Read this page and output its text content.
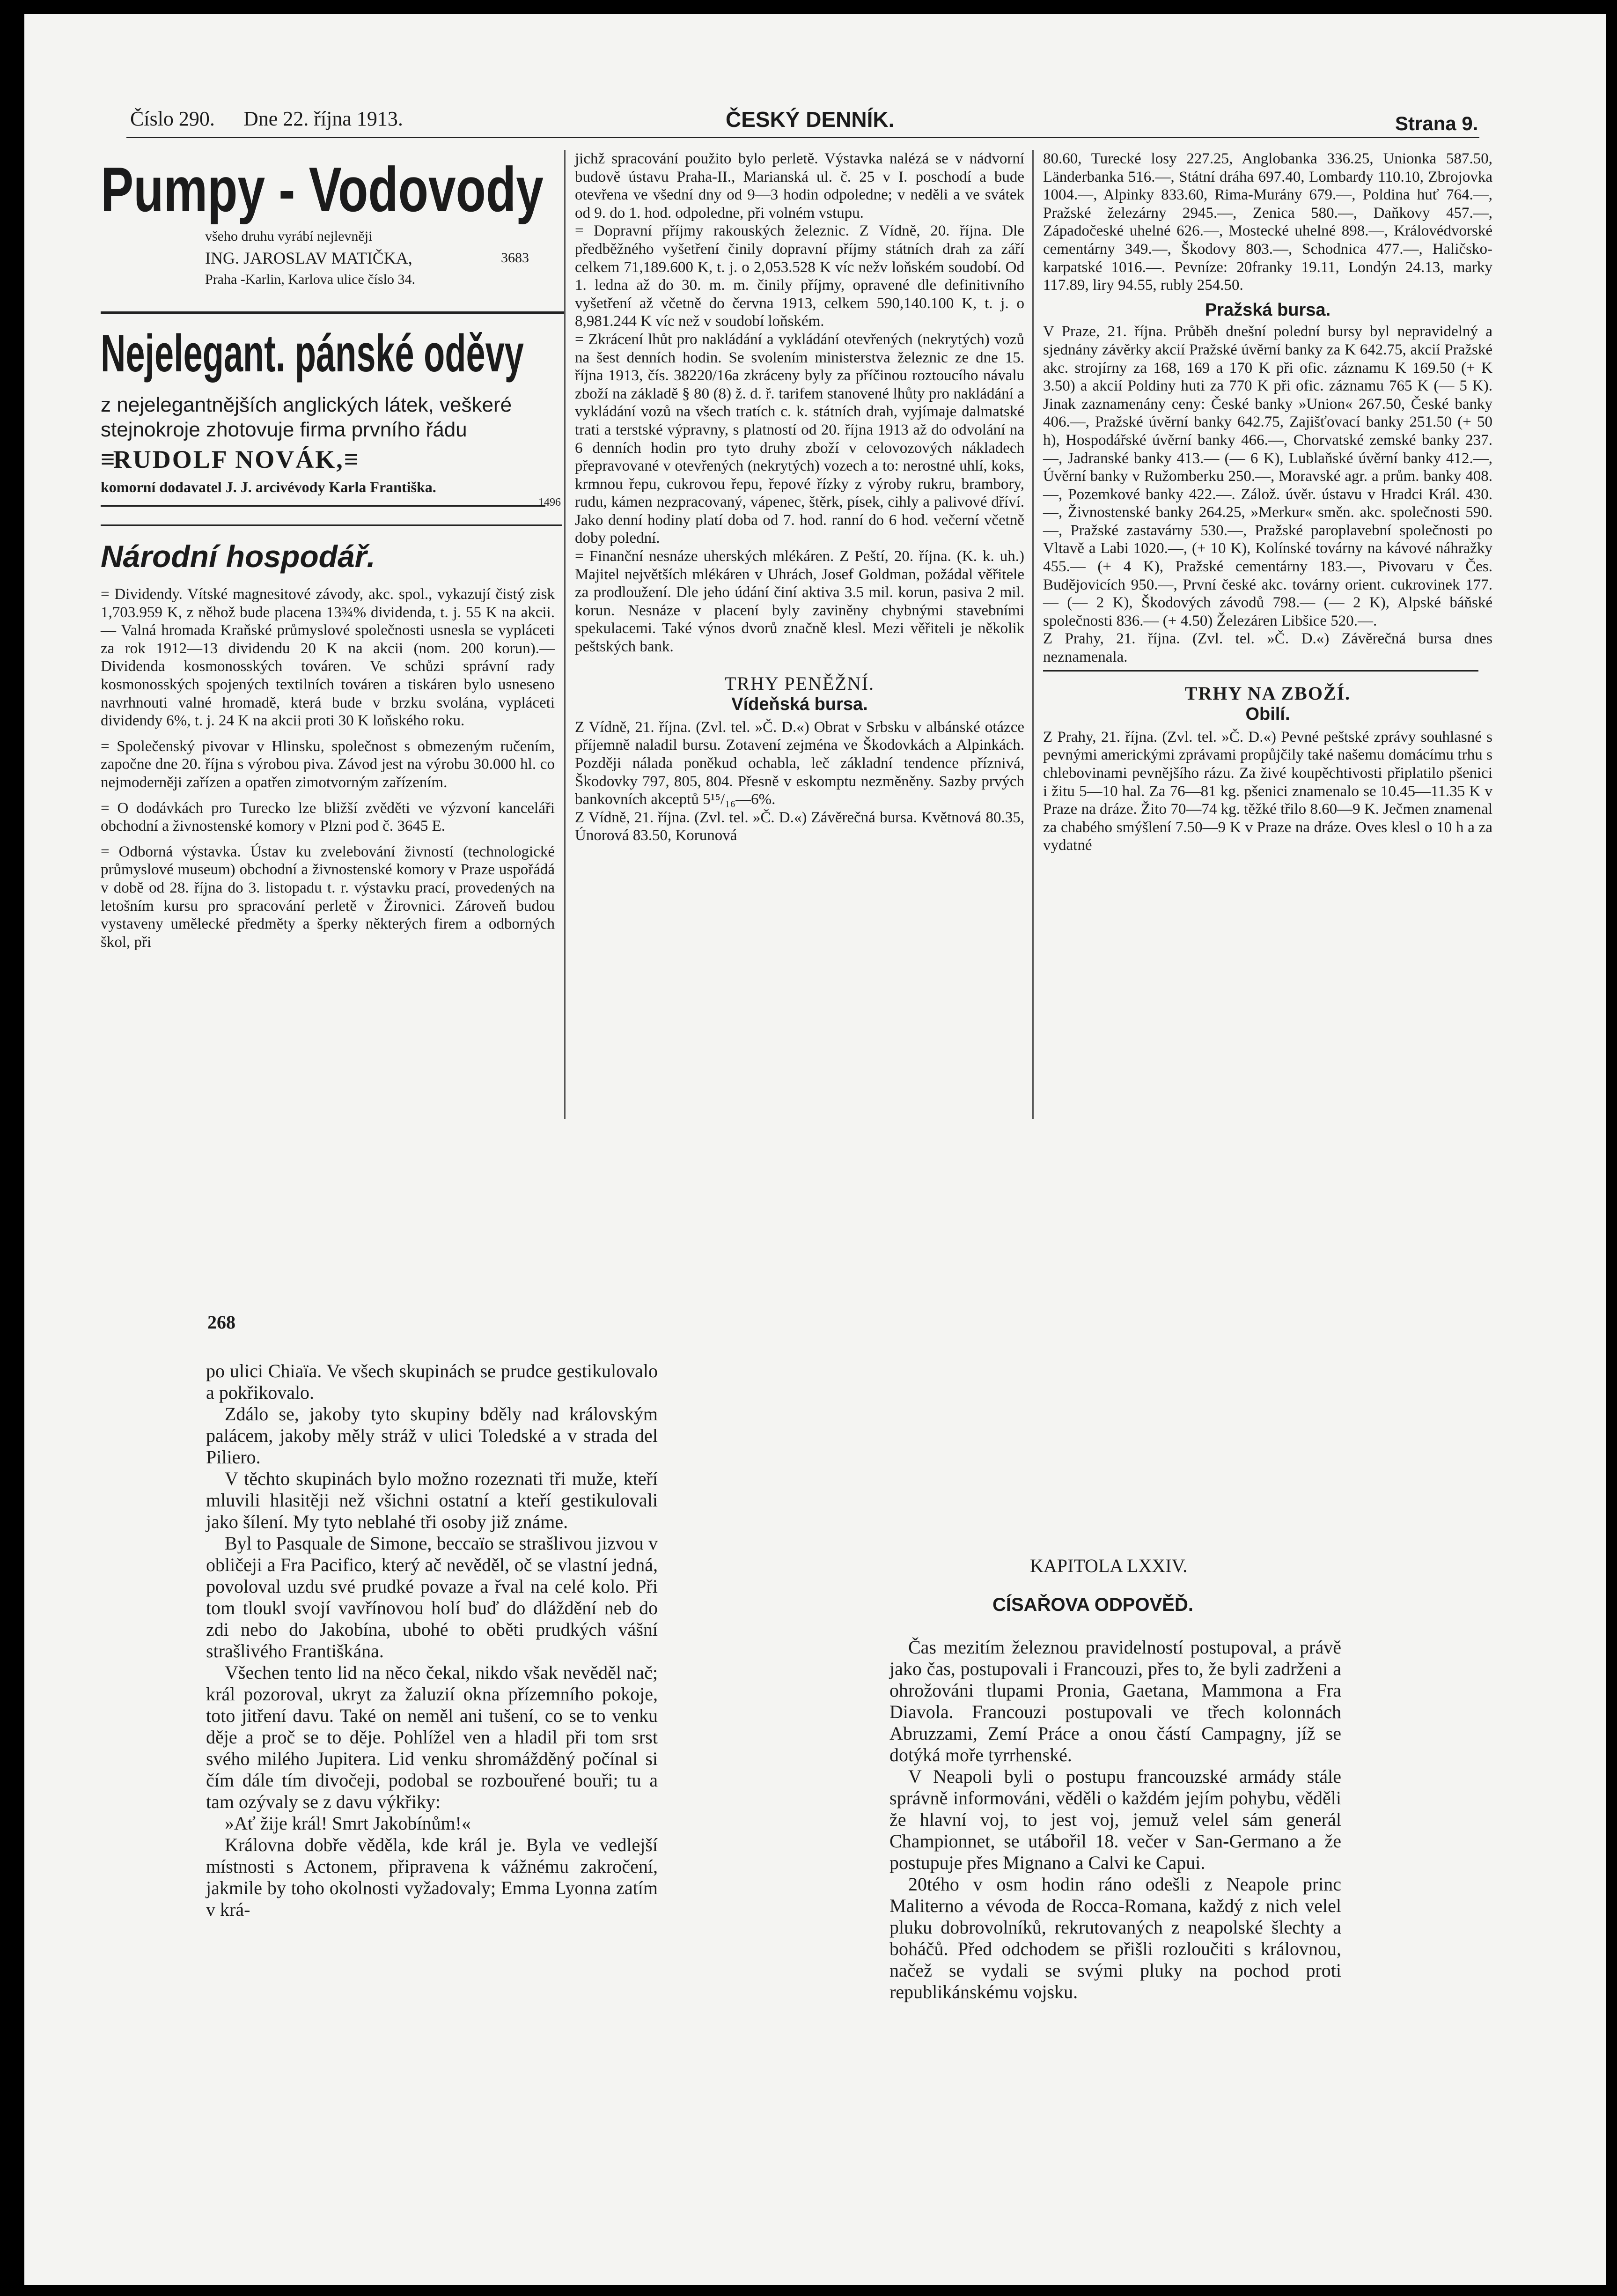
Číslo 290. Dne 22. října 1913.	ČESKÝ DENNÍK.	Strana 9.
Pumpy - Vodovody
všeho druhu vyrábí nejlevněji
ING. JAROSLAV MATIČKA,	3683
Praha -Karlin, Karlova ulice číslo 34.
Nejelegant. pánské oděvy
z nejelegantnějších anglických látek, veškeré
stejnokroje zhotovuje firma prvního řádu
≡RUDOLF NOVÁK,≡
komorní dodavatel J. J. arcivévody Karla Františka.
1496
Národní hospodář.

= Dividendy. Vítské magnesitové závody, akc. spol., vykazují čistý zisk 1,703.959 K, z něhož bude placena 13¾% dividenda, t. j. 55 K na akcii. — Valná hromada Kraňské průmyslové společnosti usnesla se vypláceti za rok 1912—13 dividendu 20 K na akcii (nom. 200 korun).— Dividenda kosmonosských továren. Ve schůzi správní rady kosmonosských spojených textilních továren a tiskáren bylo usneseno navrhnouti valné hromadě, která bude v brzku svolána, vypláceti dividendy 6%, t. j. 24 K na akcii proti 30 K loňského roku.

= Společenský pivovar v Hlinsku, společnost s obmezeným ručením, započne dne 20. října s výrobou piva. Závod jest na výrobu 30.000 hl. co nejmoderněji zařízen a opatřen zimotvorným zařízením.

= O dodávkách pro Turecko lze bližší zvěděti ve výzvoní kanceláři obchodní a živnostenské komory v Plzni pod č. 3645 E.

= Odborná výstavka. Ústav ku zvelebování živností (technologické průmyslové museum) obchodní a živnostenské komory v Praze uspořádá v době od 28. října do 3. listopadu t. r. výstavku prací, provedených na letošním kursu pro spracování perletě v Žirovnici. Zároveň budou vystaveny umělecké předměty a šperky některých firem a odborných škol, při

jichž spracování použito bylo perletě. Výstavka nalézá se v nádvorní budově ústavu Praha-II., Marianská ul. č. 25 v I. poschodí a bude otevřena ve všední dny od 9—3 hodin odpoledne; v neděli a ve svátek od 9. do 1. hod. odpoledne, při volném vstupu.

= Dopravní příjmy rakouských železnic. Z Vídně, 20. října. Dle předběžného vyšetření činily dopravní příjmy státních drah za září celkem 71,189.600 K, t. j. o 2,053.528 K víc nežv loňském soudobí. Od 1. ledna až do 30. m. m. činily příjmy, opravené dle definitivního vyšetření až včetně do června 1913, celkem 590,140.100 K, t. j. o 8,981.244 K víc než v soudobí loňském.

= Zkrácení lhůt pro nakládání a vykládání otevřených (nekrytých) vozů na šest denních hodin. Se svolením ministerstva železnic ze dne 15. října 1913, čís. 38220/16a zkráceny byly za příčinou roztoucího návalu zboží na základě § 80 (8) ž. d. ř. tarifem stanovené lhůty pro nakládání a vykládání vozů na všech tratích c. k. státních drah, vyjímaje dalmatské trati a terstské výpravny, s platností od 20. října 1913 až do odvolání na 6 denních hodin pro tyto druhy zboží v celovozových nákladech přepravované v otevřených (nekrytých) vozech a to: nerostné uhlí, koks, krmnou řepu, cukrovou řepu, řepové řízky z výroby rukru, brambory, rudu, kámen nezpracovaný, vápenec, štěrk, písek, cihly a palivové dříví. Jako denní hodiny platí doba od 7. hod. ranní do 6 hod. večerní včetně doby polední.

= Finanční nesnáze uherských mlékáren. Z Peští, 20. října. (K. k. uh.) Majitel největších mlékáren v Uhrách, Josef Goldman, požádal věřitele za prodloužení. Dle jeho údání činí aktiva 3.5 mil. korun, pasiva 2 mil. korun. Nesnáze v placení byly zaviněny chybnými stavebními spekulacemi. Také výnos dvorů značně klesl. Mezi věřiteli je několik peštských bank.

TRHY PENĚŽNÍ.
Vídeňská bursa.

Z Vídně, 21. října. (Zvl. tel. »Č. D.«) Obrat v Srbsku v albánské otázce příjemně naladil bursu. Zotavení zejména ve Škodovkách a Alpinkách. Později nálada poněkud ochabla, leč základní tendence příznivá, Škodovky 797, 805, 804. Přesně v eskomptu nezměněny. Sazby prvých bankovních akceptů 5¹⁵/₁₆—6%.

Z Vídně, 21. října. (Zvl. tel. »Č. D.«) Závěrečná bursa. Květnová 80.35, Únorová 83.50, Korunová

80.60, Turecké losy 227.25, Anglobanka 336.25, Unionka 587.50, Länderbanka 516.—, Státní dráha 697.40, Lombardy 110.10, Zbrojovka 1004.—, Alpinky 833.60, Rima-Murány 679.—, Poldina huť 764.—, Pražské železárny 2945.—, Zenica 580.—, Daňkovy 457.—, Západočeské uhelné 626.—, Mostecké uhelné 898.—, Královédvorské cementárny 349.—, Škodovy 803.—, Schodnica 477.—, Haličsko-karpatské 1016.—. Pevníze: 20franky 19.11, Londýn 24.13, marky 117.89, liry 94.55, rubly 254.50.

Pražská bursa.

V Praze, 21. října. Průběh dnešní polední bursy byl nepravidelný a sjednány závěrky akcií Pražské úvěrní banky za K 642.75, akcií Pražské akc. strojírny za 168, 169 a 170 K při ofic. záznamu K 169.50 (+ K 3.50) a akcií Poldiny huti za 770 K při ofic. záznamu 765 K (— 5 K). Jinak zaznamenány ceny: České banky »Union« 267.50, České banky 406.—, Pražské úvěrní banky 642.75, Zajišťovací banky 251.50 (+ 50 h), Hospodářské úvěrní banky 466.—, Chorvatské zemské banky 237.—, Jadranské banky 413.— (— 6 K), Lublaňské úvěrní banky 412.—, Úvěrní banky v Ružomberku 250.—, Moravské agr. a prům. banky 408.—, Pozemkové banky 422.—. Zálož. úvěr. ústavu v Hradci Král. 430.—, Živnostenské banky 264.25, »Merkur« směn. akc. společnosti 590.—, Pražské zastavárny 530.—, Pražské paroplavební společnosti po Vltavě a Labi 1020.—, (+ 10 K), Kolínské továrny na kávové náhražky 455.— (+ 4 K), Pražské cementárny 183.—, Pivovaru v Čes. Budějovicích 950.—, První české akc. továrny orient. cukrovinek 177.— (— 2 K), Škodových závodů 798.— (— 2 K), Alpské báňské společnosti 836.— (+ 4.50) Železáren Libšice 520.—.

Z Prahy, 21. října. (Zvl. tel. »Č. D.«) Závěrečná bursa dnes neznamenala.

TRHY NA ZBOŽÍ.
Obilí.

Z Prahy, 21. října. (Zvl. tel. »Č. D.«) Pevné peštské zprávy souhlasné s pevnými americkými zprávami propůjčily také našemu domácímu trhu s chlebovinami pevnějšího rázu. Za živé koupěchtivosti připlatilo pšenici i žitu 5—10 hal. Za 76—81 kg. pšenici znamenalo se 10.45—11.35 K v Praze na dráze. Žito 70—74 kg. těžké třilo 8.60—9 K. Ječmen znamenal za chabého smýšlení 7.50—9 K v Praze na dráze. Oves klesl o 10 h a za vydatné

268

po ulici Chiaïa. Ve všech skupinách se prudce gestikulovalo a pokřikovalo.

Zdálo se, jakoby tyto skupiny bděly nad královským palácem, jakoby měly stráž v ulici Toledské a v strada del Piliero.

V těchto skupinách bylo možno rozeznati tři muže, kteří mluvili hlasitěji než všichni ostatní a kteří gestikulovali jako šílení. My tyto neblahé tři osoby již známe.

Byl to Pasquale de Simone, beccaïo se strašlivou jizvou v obličeji a Fra Pacifico, který ač nevěděl, oč se vlastní jedná, povoloval uzdu své prudké povaze a řval na celé kolo. Při tom tloukl svojí vavřínovou holí buď do dláždění neb do zdi nebo do Jakobína, ubohé to oběti prudkých vášní strašlivého Františkána.

Všechen tento lid na něco čekal, nikdo však nevěděl nač; král pozoroval, ukryt za žaluzií okna přízemního pokoje, toto jitření davu. Také on neměl ani tušení, co se to venku děje a proč se to děje. Pohlížel ven a hladil při tom srst svého milého Jupitera. Lid venku shromážděný počínal si čím dále tím divočeji, podobal se rozbouřené bouři; tu a tam ozývaly se z davu výkřiky:

»Ať žije král! Smrt Jakobínům!«

Královna dobře věděla, kde král je. Byla ve vedlejší místnosti s Actonem, připravena k vážnému zakročení, jakmile by toho okolnosti vyžadovaly; Emma Lyonna zatím v krá-

KAPITOLA LXXIV.
CÍSAŘOVA ODPOVĚĎ.

Čas mezitím železnou pravidelností postupoval, a právě jako čas, postupovali i Francouzi, přes to, že byli zadrženi a ohrožováni tlupami Pronia, Gaetana, Mammona a Fra Diavola. Francouzi postupovali ve třech kolonnách Abruzzami, Zemí Práce a onou částí Campagny, jíž se dotýká moře tyrrhenské.

V Neapoli byli o postupu francouzské armády stále správně informováni, věděli o každém jejím pohybu, věděli že hlavní voj, to jest voj, jemuž velel sám generál Championnet, se utábořil 18. večer v San-Germano a že postupuje přes Mignano a Calvi ke Capui.

20tého v osm hodin ráno odešli z Neapole princ Maliterno a vévoda de Rocca-Romana, každý z nich velel pluku dobrovolníků, rekrutovaných z neapolské šlechty a boháčů. Před odchodem se přišli rozloučiti s královnou, načež se vydali se svými pluky na pochod proti republikánskému vojsku.
